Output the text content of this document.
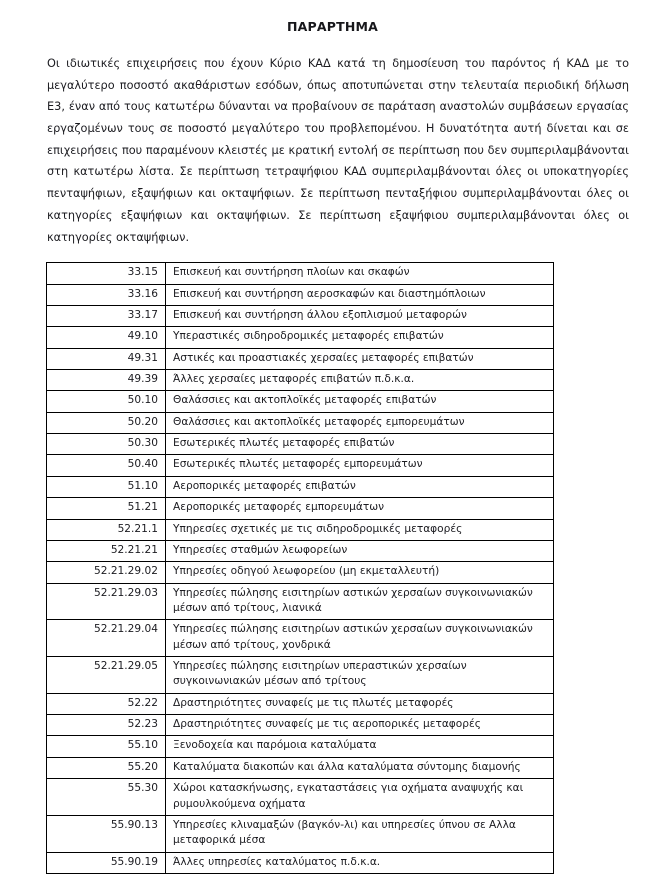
ΠΑΡΑΡΤΗΜΑ

Οι ιδιωτικές επιχειρήσεις που έχουν Κύριο ΚΑΔ κατά τη δημοσίευση του παρόντος ή ΚΑΔ με το μεγαλύτερο ποσοστό ακαθάριστων εσόδων, όπως αποτυπώνεται στην τελευταία περιοδική δήλωση Ε3, έναν από τους κατωτέρω δύνανται να προβαίνουν σε παράταση αναστολών συμβάσεων εργασίας εργαζομένων τους σε ποσοστό μεγαλύτερο του προβλεπομένου. Η δυνατότητα αυτή δίνεται και σε επιχειρήσεις που παραμένουν κλειστές με κρατική εντολή σε περίπτωση που δεν συμπεριλαμβάνονται στη κατωτέρω λίστα. Σε περίπτωση τετραψήφιου ΚΑΔ συμπεριλαμβάνονται όλες οι υποκατηγορίες πενταψήφιων, εξαψήφιων και οκταψήφιων. Σε περίπτωση πενταξήφιου συμπεριλαμβάνονται όλες οι κατηγορίες εξαψήφιων και οκταψήφιων. Σε περίπτωση εξαψήφιου συμπεριλαμβάνονται όλες οι κατηγορίες οκταψήφιων.

33.15	Επισκευή και συντήρηση πλοίων και σκαφών
33.16	Επισκευή και συντήρηση αεροσκαφών και διαστημόπλοιων
33.17	Επισκευή και συντήρηση άλλου εξοπλισμού μεταφορών
49.10	Υπεραστικές σιδηροδρομικές μεταφορές επιβατών
49.31	Αστικές και προαστιακές χερσαίες μεταφορές επιβατών
49.39	Άλλες χερσαίες μεταφορές επιβατών π.δ.κ.α.
50.10	Θαλάσσιες και ακτοπλοϊκές μεταφορές επιβατών
50.20	Θαλάσσιες και ακτοπλοϊκές μεταφορές εμπορευμάτων
50.30	Εσωτερικές πλωτές μεταφορές επιβατών
50.40	Εσωτερικές πλωτές μεταφορές εμπορευμάτων
51.10	Αεροπορικές μεταφορές επιβατών
51.21	Αεροπορικές μεταφορές εμπορευμάτων
52.21.1	Υπηρεσίες σχετικές με τις σιδηροδρομικές μεταφορές
52.21.21	Υπηρεσίες σταθμών λεωφορείων
52.21.29.02	Υπηρεσίες οδηγού λεωφορείου (μη εκμεταλλευτή)
52.21.29.03	Υπηρεσίες πώλησης εισιτηρίων αστικών χερσαίων συγκοινωνιακών μέσων από τρίτους, λιανικά
52.21.29.04	Υπηρεσίες πώλησης εισιτηρίων αστικών χερσαίων συγκοινωνιακών μέσων από τρίτους, χονδρικά
52.21.29.05	Υπηρεσίες πώλησης εισιτηρίων υπεραστικών χερσαίων συγκοινωνιακών μέσων από τρίτους
52.22	Δραστηριότητες συναφείς με τις πλωτές μεταφορές
52.23	Δραστηριότητες συναφείς με τις αεροπορικές μεταφορές
55.10	Ξενοδοχεία και παρόμοια καταλύματα
55.20	Καταλύματα διακοπών και άλλα καταλύματα σύντομης διαμονής
55.30	Χώροι κατασκήνωσης, εγκαταστάσεις για οχήματα αναψυχής και ρυμουλκούμενα οχήματα
55.90.13	Υπηρεσίες κλιναμαξών (βαγκόν-λι) και υπηρεσίες ύπνου σε Αλλα μεταφορικά μέσα
55.90.19	Άλλες υπηρεσίες καταλύματος π.δ.κ.α.
